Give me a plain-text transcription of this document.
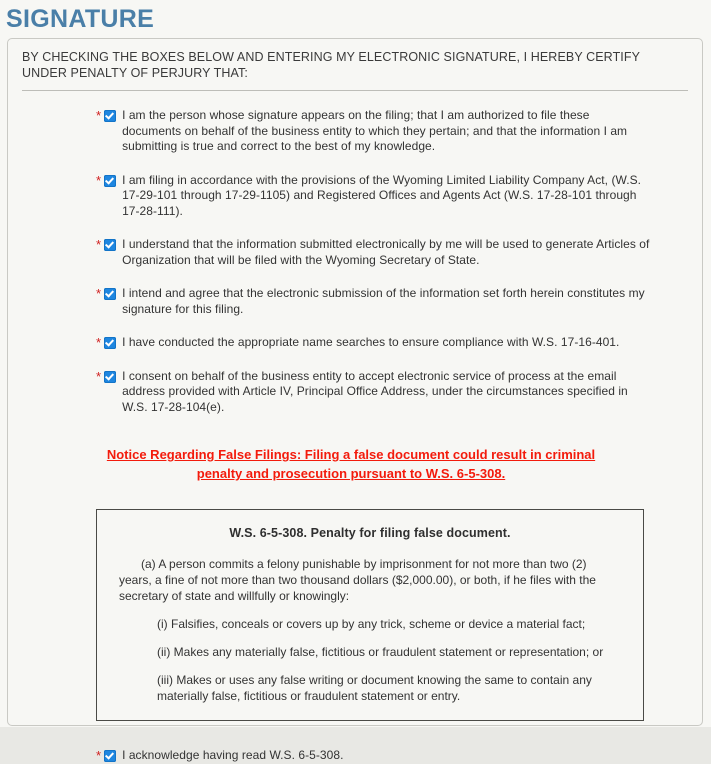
SIGNATURE
BY CHECKING THE BOXES BELOW AND ENTERING MY ELECTRONIC SIGNATURE, I HEREBY CERTIFY UNDER PENALTY OF PERJURY THAT:
* I am the person whose signature appears on the filing; that I am authorized to file these documents on behalf of the business entity to which they pertain; and that the information I am submitting is true and correct to the best of my knowledge.
* I am filing in accordance with the provisions of the Wyoming Limited Liability Company Act, (W.S. 17-29-101 through 17-29-1105) and Registered Offices and Agents Act (W.S. 17-28-101 through 17-28-111).
* I understand that the information submitted electronically by me will be used to generate Articles of Organization that will be filed with the Wyoming Secretary of State.
* I intend and agree that the electronic submission of the information set forth herein constitutes my signature for this filing.
* I have conducted the appropriate name searches to ensure compliance with W.S. 17-16-401.
* I consent on behalf of the business entity to accept electronic service of process at the email address provided with Article IV, Principal Office Address, under the circumstances specified in W.S. 17-28-104(e).
Notice Regarding False Filings: Filing a false document could result in criminal penalty and prosecution pursuant to W.S. 6-5-308.
W.S. 6-5-308. Penalty for filing false document.

(a) A person commits a felony punishable by imprisonment for not more than two (2) years, a fine of not more than two thousand dollars ($2,000.00), or both, if he files with the secretary of state and willfully or knowingly:

(i) Falsifies, conceals or covers up by any trick, scheme or device a material fact;

(ii) Makes any materially false, fictitious or fraudulent statement or representation; or

(iii) Makes or uses any false writing or document knowing the same to contain any materially false, fictitious or fraudulent statement or entry.

* I acknowledge having read W.S. 6-5-308.
